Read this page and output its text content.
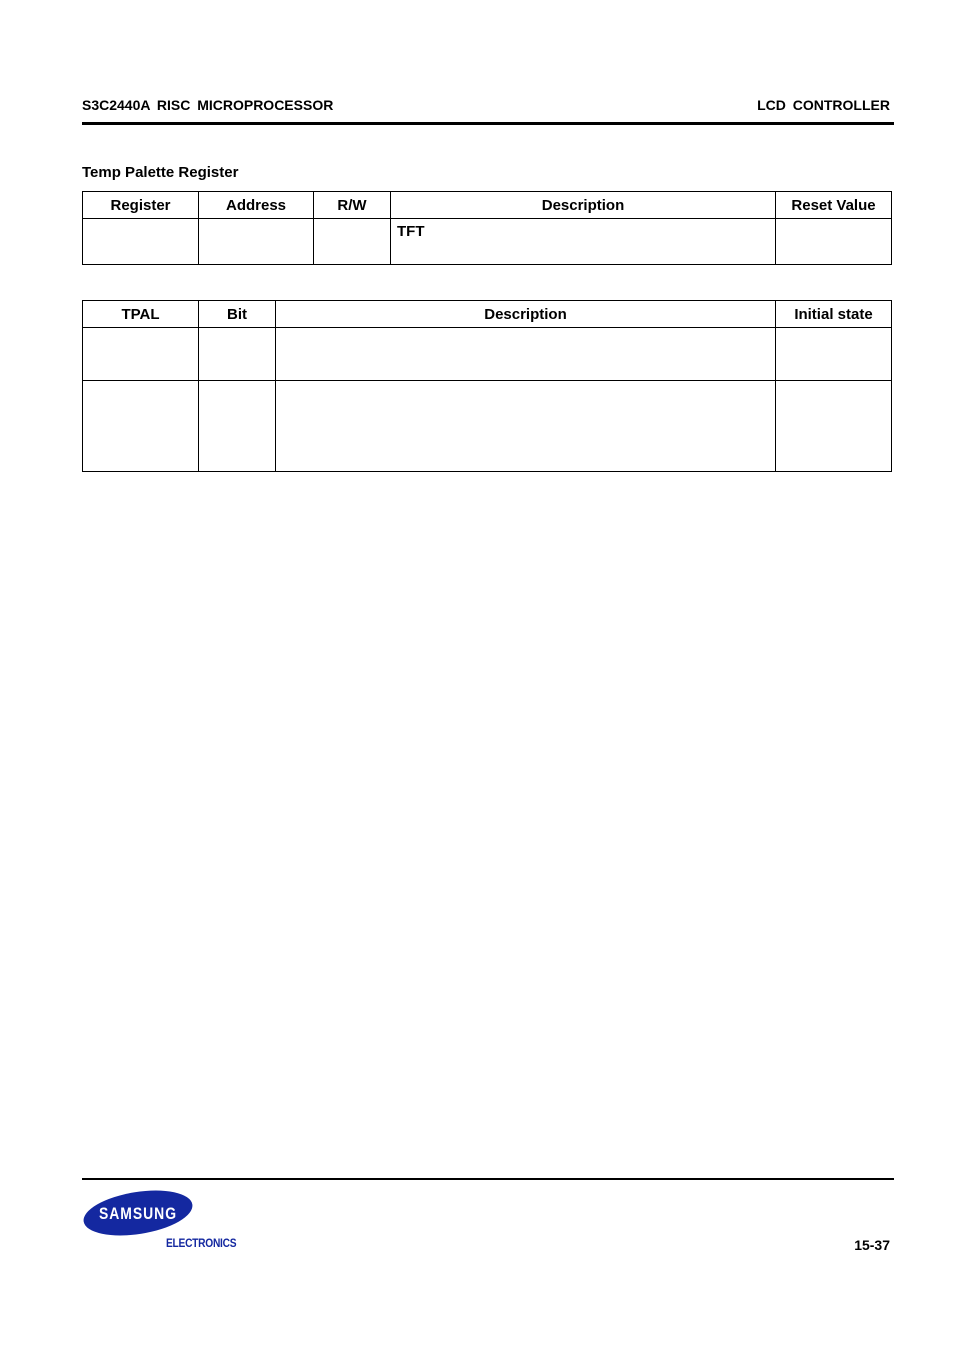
S3C2440A RISC MICROPROCESSOR	LCD CONTROLLER
Temp Palette Register
Register	Address	R/W	Description	Reset Value

			TFT	

TPAL	Bit	Description	Initial state

SAMSUNG
ELECTRONICS	15-37
